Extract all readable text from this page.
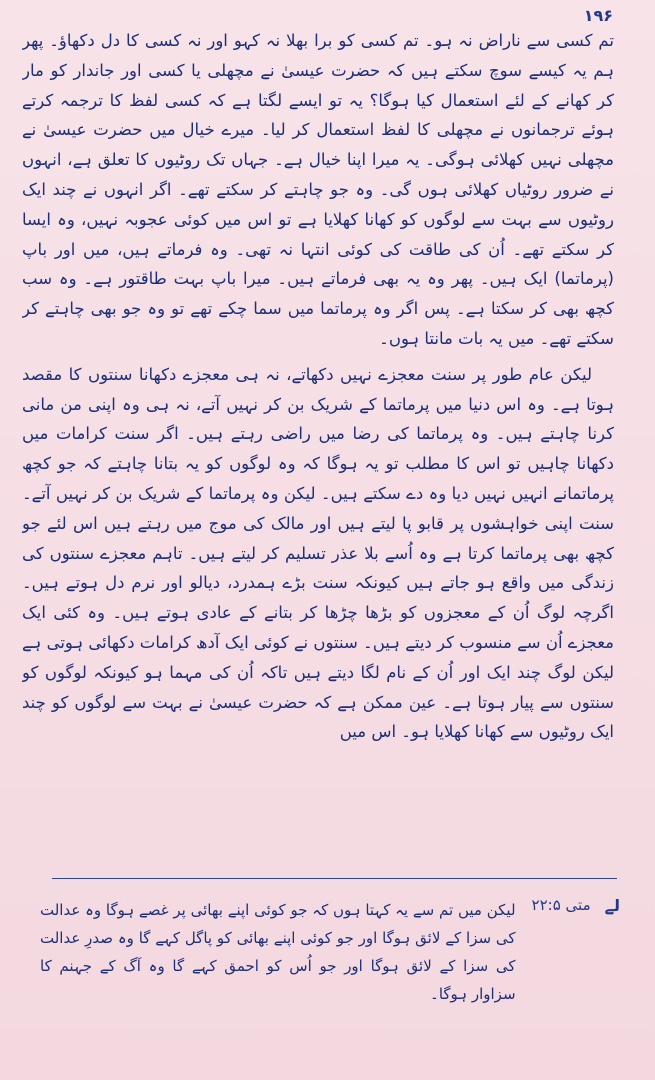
۱۹۶

تم کسی سے ناراض نہ ہو۔ تم کسی کو برا بھلا نہ کہو اور نہ کسی کا دل دکھاؤ۔ پھر ہم یہ کیسے سوچ سکتے ہیں کہ حضرت عیسیٰ نے مچھلی یا کسی اور جاندار کو مار کر کھانے کے لئے استعمال کیا ہوگا؟ یہ تو ایسے لگتا ہے کہ کسی لفظ کا ترجمہ کرتے ہوئے ترجمانوں نے مچھلی کا لفظ استعمال کر لیا۔ میرے خیال میں حضرت عیسیٰ نے مچھلی نہیں کھلائی ہوگی۔ یہ میرا اپنا خیال ہے۔ جہاں تک روٹیوں کا تعلق ہے، انہوں نے ضرور روٹیاں کھلائی ہوں گی۔ وہ جو چاہتے کر سکتے تھے۔ اگر انہوں نے چند ایک روٹیوں سے بہت سے لوگوں کو کھانا کھلایا ہے تو اس میں کوئی عجوبہ نہیں، وہ ایسا کر سکتے تھے۔ اُن کی طاقت کی کوئی انتہا نہ تھی۔ وہ فرماتے ہیں، میں اور باپ (پرماتما) ایک ہیں۔ پھر وہ یہ بھی فرماتے ہیں۔ میرا باپ بہت طاقتور ہے۔ وہ سب کچھ بھی کر سکتا ہے۔ پس اگر وہ پرماتما میں سما چکے تھے تو وہ جو بھی چاہتے کر سکتے تھے۔ میں یہ بات مانتا ہوں۔

لیکن عام طور پر سنت معجزے نہیں دکھاتے، نہ ہی معجزے دکھانا سنتوں کا مقصد ہوتا ہے۔ وہ اس دنیا میں پرماتما کے شریک بن کر نہیں آتے، نہ ہی وہ اپنی من مانی کرنا چاہتے ہیں۔ وہ پرماتما کی رضا میں راضی رہتے ہیں۔ اگر سنت کرامات میں دکھانا چاہیں تو اس کا مطلب تو یہ ہوگا کہ وہ لوگوں کو یہ بتانا چاہتے کہ جو کچھ پرماتمانے انہیں نہیں دیا وہ دے سکتے ہیں۔ لیکن وہ پرماتما کے شریک بن کر نہیں آتے۔ سنت اپنی خواہشوں پر قابو پا لیتے ہیں اور مالک کی موج میں رہتے ہیں اس لئے جو کچھ بھی پرماتما کرتا ہے وہ اُسے بلا عذر تسلیم کر لیتے ہیں۔ تاہم معجزے سنتوں کی زندگی میں واقع ہو جاتے ہیں کیونکہ سنت بڑے ہمدرد، دیالو اور نرم دل ہوتے ہیں۔ اگرچہ لوگ اُن کے معجزوں کو بڑھا چڑھا کر بتانے کے عادی ہوتے ہیں۔ وہ کئی ایک معجزے اُن سے منسوب کر دیتے ہیں۔ سنتوں نے کوئی ایک آدھ کرامات دکھائی ہوتی ہے لیکن لوگ چند ایک اور اُن کے نام لگا دیتے ہیں تاکہ اُن کی مہما ہو کیونکہ لوگوں کو سنتوں سے پیار ہوتا ہے۔ عین ممکن ہے کہ حضرت عیسیٰ نے بہت سے لوگوں کو چند ایک روٹیوں سے کھانا کھلایا ہو۔ اس میں

لے
متی ۲۲:۵
لیکن میں تم سے یہ کہتا ہوں کہ جو کوئی اپنے بھائی پر غصے ہوگا وہ عدالت کی سزا کے لائق ہوگا اور جو کوئی اپنے بھائی کو پاگل کہے گا وہ صدرِ عدالت کی سزا کے لائق ہوگا اور جو اُس کو احمق کہے گا وہ آگ کے جہنم کا سزاوار ہوگا۔
